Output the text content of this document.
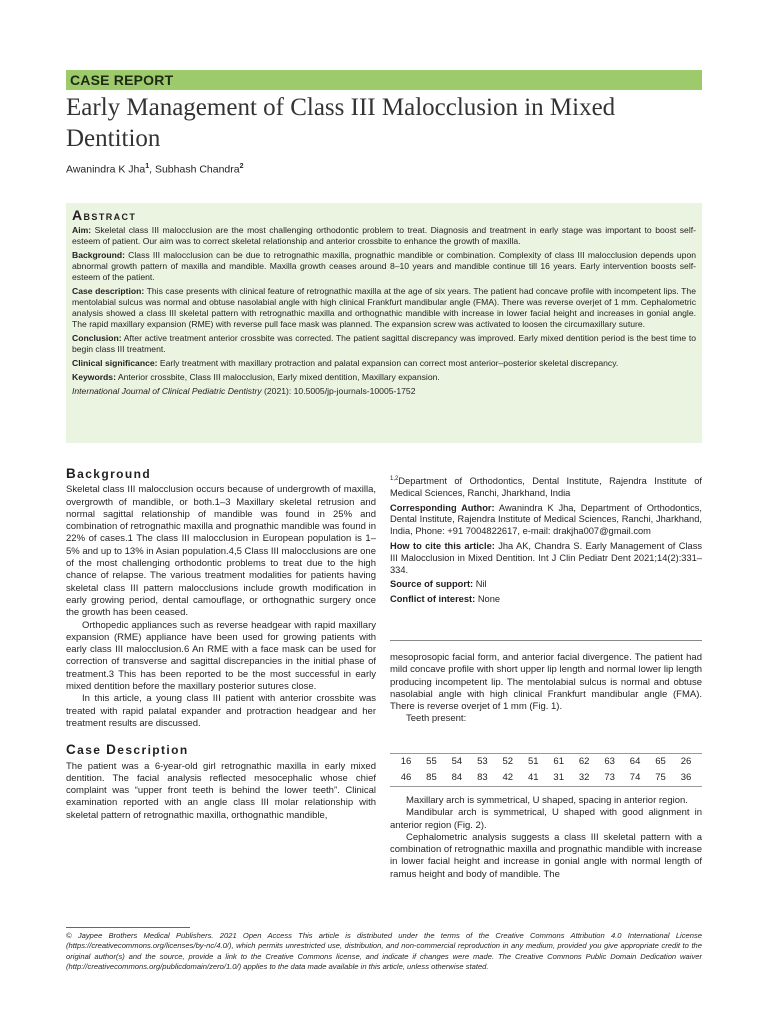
CASE REPORT
Early Management of Class III Malocclusion in Mixed Dentition
Awanindra K Jha$^1$, Subhash Chandra$^2$
Abstract

Aim: Skeletal class III malocclusion are the most challenging orthodontic problem to treat. Diagnosis and treatment in early stage was important to boost self-esteem of patient. Our aim was to correct skeletal relationship and anterior crossbite to enhance the growth of maxilla.

Background: Class III malocclusion can be due to retrognathic maxilla, prognathic mandible or combination. Complexity of class III malocclusion depends upon abnormal growth pattern of maxilla and mandible. Maxilla growth ceases around 8–10 years and mandible continue till 16 years. Early intervention boosts self-esteem of the patient.

Case description: This case presents with clinical feature of retrognathic maxilla at the age of six years. The patient had concave profile with incompetent lips. The mentolabial sulcus was normal and obtuse nasolabial angle with high clinical Frankfurt mandibular angle (FMA). There was reverse overjet of 1 mm. Cephalometric analysis showed a class III skeletal pattern with retrognathic maxilla and orthognathic mandible with increase in lower facial height and increases in gonial angle. The rapid maxillary expansion (RME) with reverse pull face mask was planned. The expansion screw was activated to loosen the circumaxillary suture.

Conclusion: After active treatment anterior crossbite was corrected. The patient sagittal discrepancy was improved. Early mixed dentition period is the best time to begin class III treatment.

Clinical significance: Early treatment with maxillary protraction and palatal expansion can correct most anterior–posterior skeletal discrepancy.

Keywords: Anterior crossbite, Class III malocclusion, Early mixed dentition, Maxillary expansion.

International Journal of Clinical Pediatric Dentistry (2021): 10.5005/jp-journals-10005-1752

Background

Skeletal class III malocclusion occurs because of undergrowth of maxilla, overgrowth of mandible, or both.1–3 Maxillary skeletal retrusion and normal sagittal relationship of mandible was found in 25% and combination of retrognathic maxilla and prognathic mandible was found in 22% of cases.1 The class III malocclusion in European population is 1–5% and up to 13% in Asian population.4,5 Class III malocclusions are one of the most challenging orthodontic problems to treat due to the high chance of relapse. The various treatment modalities for patients having skeletal class III pattern malocclusions include growth modification in early growing period, dental camouflage, or orthognathic surgery once the growth has been ceased.

Orthopedic appliances such as reverse headgear with rapid maxillary expansion (RME) appliance have been used for growing patients with early class III malocclusion.6 An RME with a face mask can be used for correction of transverse and sagittal discrepancies in the initial phase of treatment.3 This has been reported to be the most successful in early mixed dentition before the maxillary posterior sutures close.

In this article, a young class III patient with anterior crossbite was treated with rapid palatal expander and protraction headgear and her treatment results are discussed.

Case Description

The patient was a 6-year-old girl retrognathic maxilla in early mixed dentition. The facial analysis reflected mesocephalic whose chief complaint was “upper front teeth is behind the lower teeth”. Clinical examination reported with an angle class III molar relationship with skeletal pattern of retrognathic maxilla, orthognathic mandible,

$^{1,2}$Department of Orthodontics, Dental Institute, Rajendra Institute of Medical Sciences, Ranchi, Jharkhand, India

Corresponding Author: Awanindra K Jha, Department of Orthodontics, Dental Institute, Rajendra Institute of Medical Sciences, Ranchi, Jharkhand, India, Phone: +91 7004822617, e-mail: drakjha007@gmail.com

How to cite this article: Jha AK, Chandra S. Early Management of Class III Malocclusion in Mixed Dentition. Int J Clin Pediatr Dent 2021;14(2):331–334.

Source of support: Nil

Conflict of interest: None

mesoprosopic facial form, and anterior facial divergence. The patient had mild concave profile with short upper lip length and normal lower lip length producing incompetent lip. The mentolabial sulcus is normal and obtuse nasolabial angle with high clinical Frankfurt mandibular angle (FMA). There is reverse overjet of 1 mm (Fig. 1).

Teeth present:

16	55	54	53	52	51	61	62	63	64	65	26
46	85	84	83	42	41	31	32	73	74	75	36

Maxillary arch is symmetrical, U shaped, spacing in anterior region.

Mandibular arch is symmetrical, U shaped with good alignment in anterior region (Fig. 2).

Cephalometric analysis suggests a class III skeletal pattern with a combination of retrognathic maxilla and prognathic mandible with increase in lower facial height and increase in gonial angle with normal length of ramus height and body of mandible. The

© Jaypee Brothers Medical Publishers. 2021 Open Access This article is distributed under the terms of the Creative Commons Attribution 4.0 International License (https://creativecommons.org/licenses/by-nc/4.0/), which permits unrestricted use, distribution, and non-commercial reproduction in any medium, provided you give appropriate credit to the original author(s) and the source, provide a link to the Creative Commons license, and indicate if changes were made. The Creative Commons Public Domain Dedication waiver (http://creativecommons.org/publicdomain/zero/1.0/) applies to the data made available in this article, unless otherwise stated.
